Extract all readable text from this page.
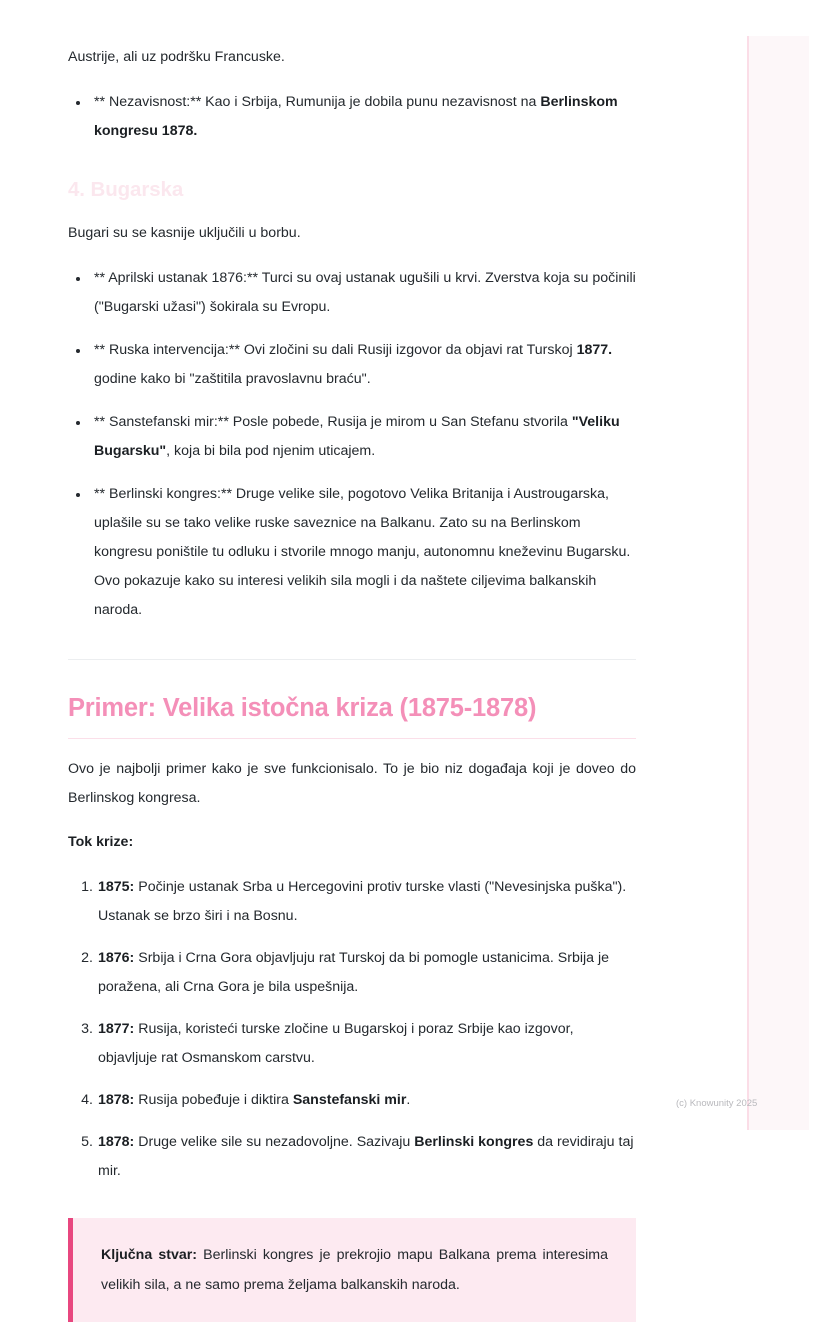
Austrije, ali uz podršku Francuske.

** Nezavisnost:** Kao i Srbija, Rumunija je dobila punu nezavisnost na Berlinskom kongresu 1878.
4. Bugarska

Bugari su se kasnije uključili u borbu.

** Aprilski ustanak 1876:** Turci su ovaj ustanak ugušili u krvi. Zverstva koja su počinili ("Bugarski užasi") šokirala su Evropu.
** Ruska intervencija:** Ovi zločini su dali Rusiji izgovor da objavi rat Turskoj 1877. godine kako bi "zaštitila pravoslavnu braću".
** Sanstefanski mir:** Posle pobede, Rusija je mirom u San Stefanu stvorila "Veliku Bugarsku", koja bi bila pod njenim uticajem.
** Berlinski kongres:** Druge velike sile, pogotovo Velika Britanija i Austrougarska, uplašile su se tako velike ruske saveznice na Balkanu. Zato su na Berlinskom kongresu poništile tu odluku i stvorile mnogo manju, autonomnu kneževinu Bugarsku. Ovo pokazuje kako su interesi velikih sila mogli i da naštete ciljevima balkanskih naroda.
Primer: Velika istočna kriza (1875-1878)

Ovo je najbolji primer kako je sve funkcionisalo. To je bio niz događaja koji je doveo do Berlinskog kongresa.

Tok krize:

1875: Počinje ustanak Srba u Hercegovini protiv turske vlasti ("Nevesinjska puška"). Ustanak se brzo širi i na Bosnu.
1876: Srbija i Crna Gora objavljuju rat Turskoj da bi pomogle ustanicima. Srbija je poražena, ali Crna Gora je bila uspešnija.
1877: Rusija, koristeći turske zločine u Bugarskoj i poraz Srbije kao izgovor, objavljuje rat Osmanskom carstvu.
1878: Rusija pobeđuje i diktira Sanstefanski mir.
1878: Druge velike sile su nezadovoljne. Sazivaju Berlinski kongres da revidiraju taj mir.

Ključna stvar: Berlinski kongres je prekrojio mapu Balkana prema interesima velikih sila, a ne samo prema željama balkanskih naroda.

(c) Knowunity 2025
